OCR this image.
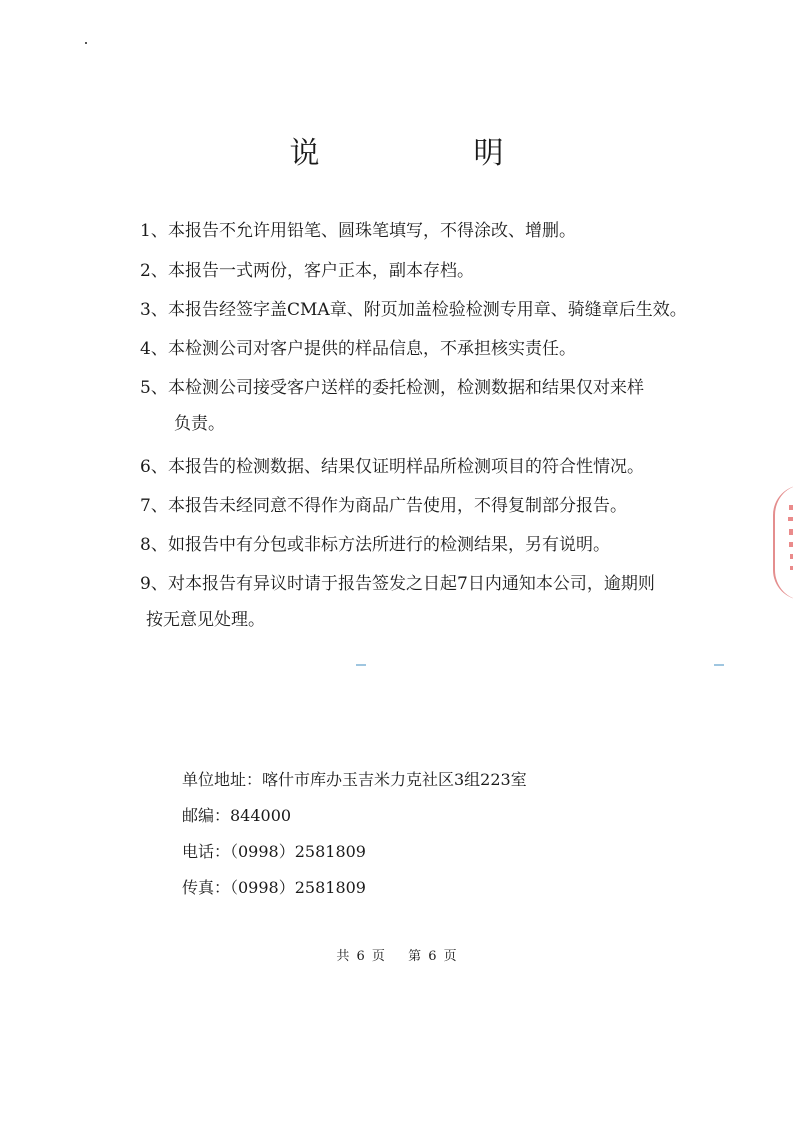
说　明
1、 本报告不允许用铅笔、圆珠笔填写，不得涂改、增删。
2、 本报告一式两份，客户正本，副本存档。
3、 本报告经签字盖CMA章、附页加盖检验检测专用章、骑缝章后生效。
4、 本检测公司对客户提供的样品信息，不承担核实责任。
5、 本检测公司接受客户送样的委托检测，检测数据和结果仅对来样
负责。
6、 本报告的检测数据、结果仅证明样品所检测项目的符合性情况。
7、 本报告未经同意不得作为商品广告使用，不得复制部分报告。
8、 如报告中有分包或非标方法所进行的检测结果，另有说明。
9、 对本报告有异议时请于报告签发之日起7日内通知本公司，逾期则
按无意见处理。
单位地址：喀什市库办玉吉米力克社区3组223室
邮编：844000
电话：（0998）2581809
传真：（0998）2581809
共 6 页 第 6 页
